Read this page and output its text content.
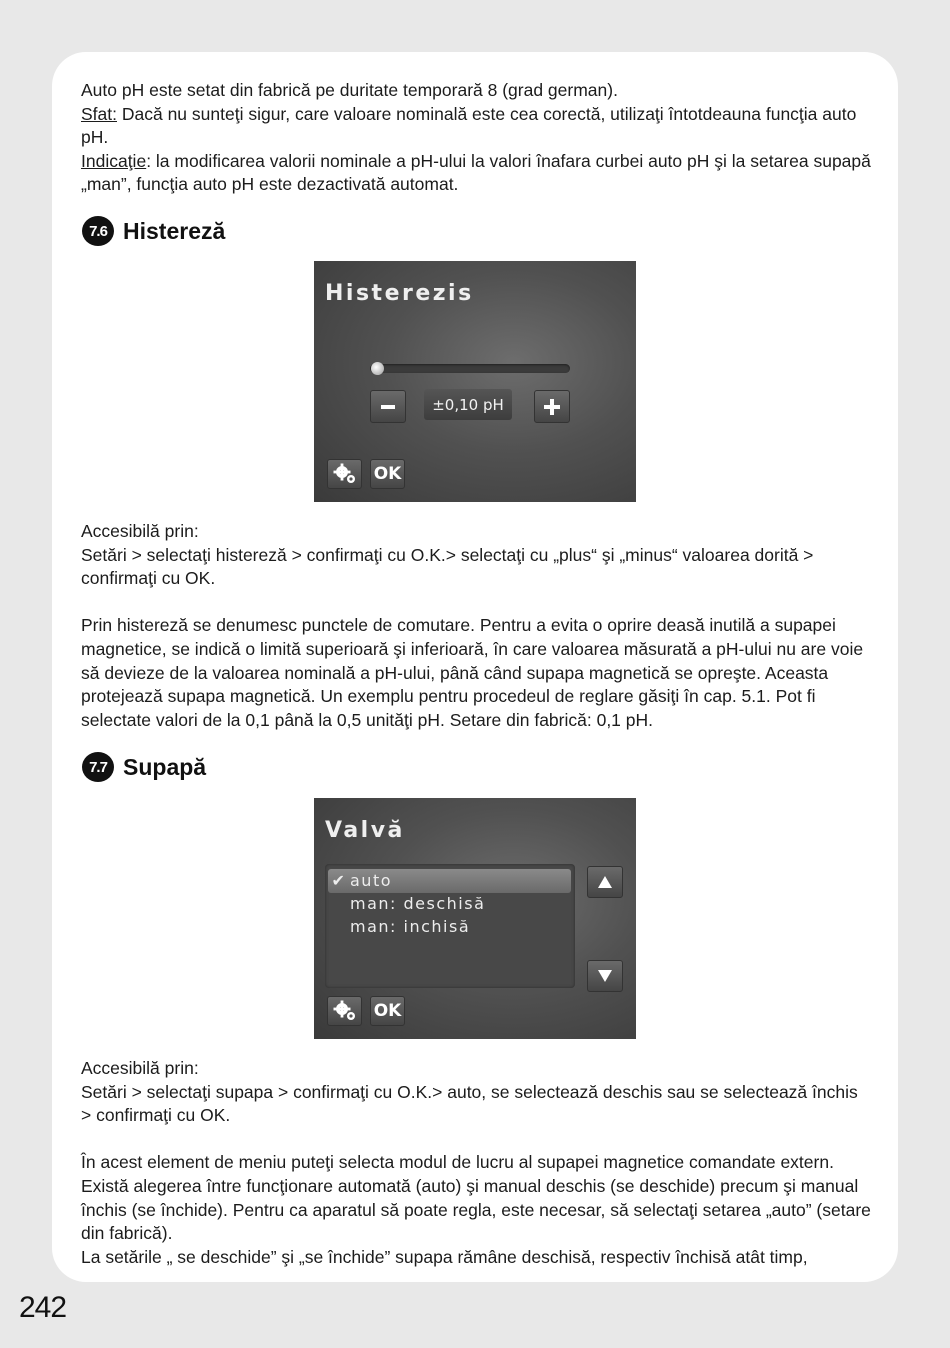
Auto pH este setat din fabrică pe duritate temporară 8 (grad german).

Sfat: Dacă nu sunteţi sigur, care valoare nominală este cea corectă, utilizaţi întotdeauna funcţia auto pH.

Indicaţie: la modificarea valorii nominale a pH-ului la valori înafara curbei auto pH şi la setarea supapă „man”, funcţia auto pH este dezactivată automat.

7.6 Histereză
Histerezis
±0,10 pH
OK

Accesibilă prin:

Setări > selectaţi histereză > confirmaţi cu O.K.> selectaţi cu „plus“ şi „minus“ valoarea dorită > confirmaţi cu OK.

Prin histereză se denumesc punctele de comutare. Pentru a evita o oprire deasă inutilă a supapei magnetice, se indică o limită superioară şi inferioară, în care valoarea măsurată a pH-ului nu are voie să devieze de la valoarea nominală a pH-ului, până când supapa magnetică se opreşte. Aceasta protejează supapa magnetică. Un exemplu pentru procedeul de reglare găsiţi în cap. 5.1. Pot fi selectate valori de la 0,1 până la 0,5 unităţi pH. Setare din fabrică: 0,1 pH.

7.7 Supapă
Valvă
✔ auto
man: deschisă
man: inchisă
OK

Accesibilă prin:

Setări > selectaţi supapa > confirmaţi cu O.K.> auto, se selectează deschis sau se selectează închis > confirmaţi cu OK.

În acest element de meniu puteţi selecta modul de lucru al supapei magnetice comandate extern. Există alegerea între funcţionare automată (auto) şi manual deschis (se deschide) precum şi manual închis (se închide). Pentru ca aparatul să poate regla, este necesar, să selectaţi setarea „auto” (setare din fabrică).

La setările „ se deschide” şi „se închide” supapa rămâne deschisă, respectiv închisă atât timp,

242
